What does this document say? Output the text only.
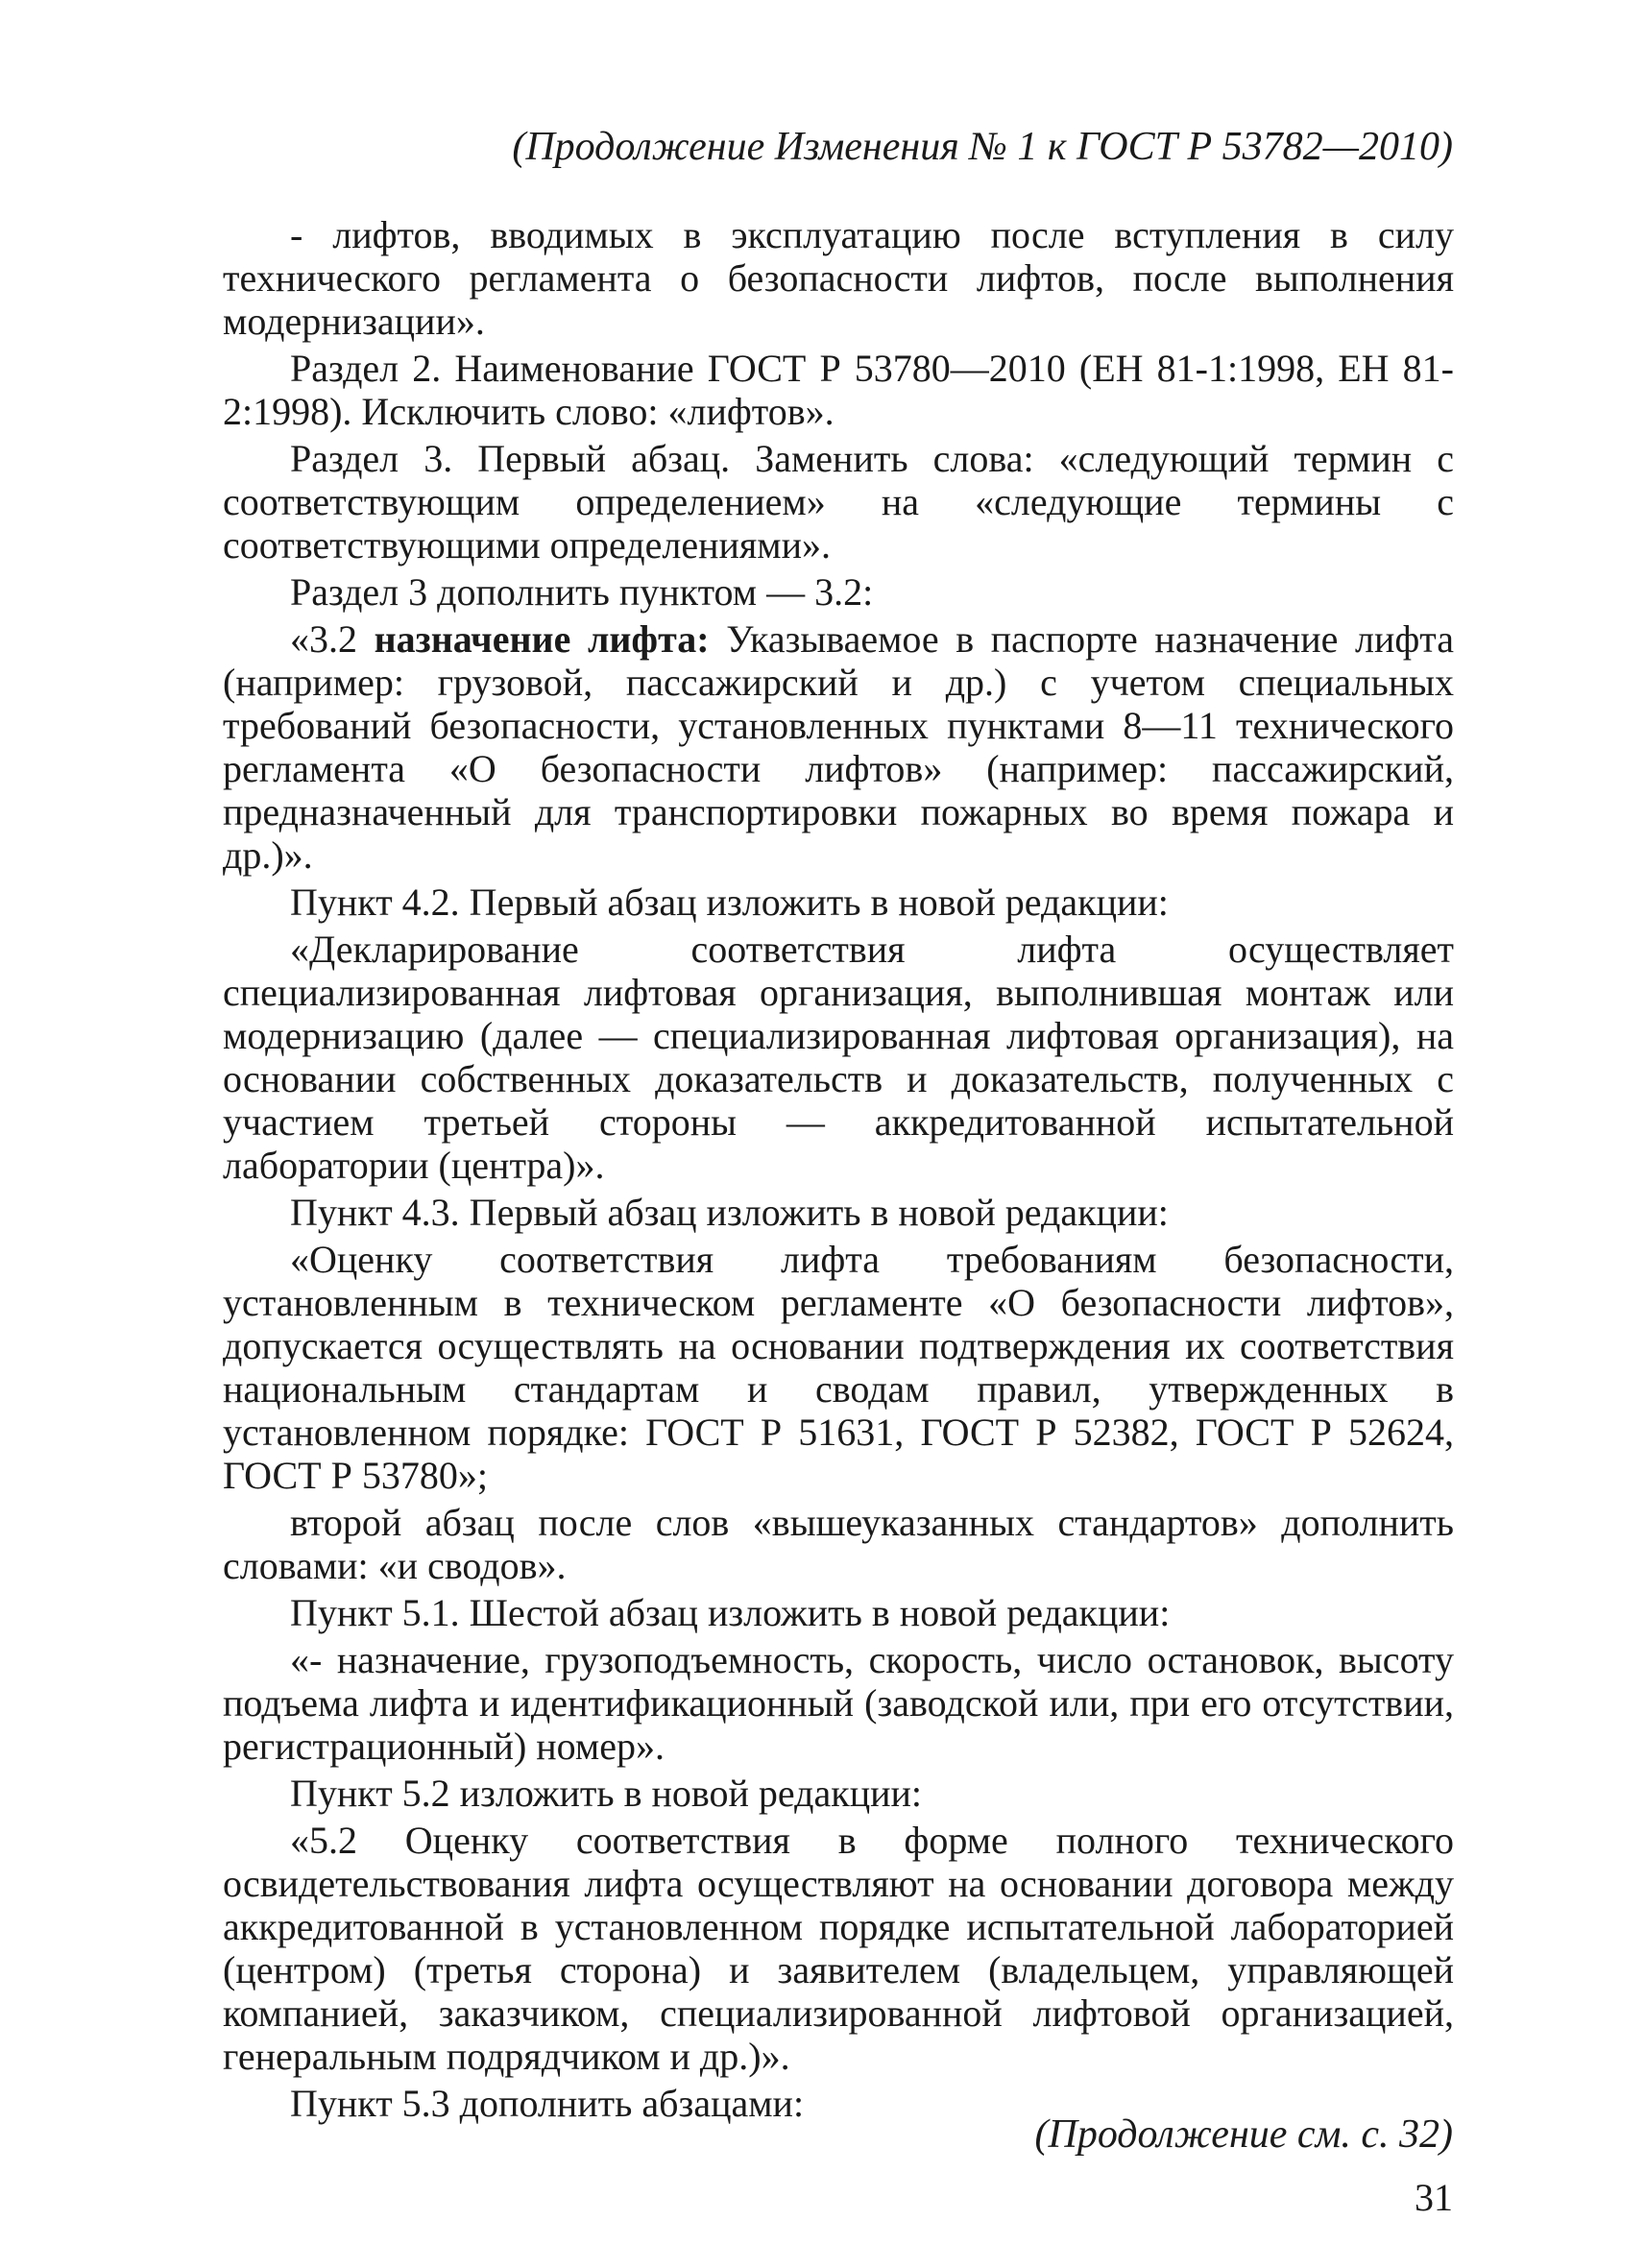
(Продолжение Изменения № 1 к ГОСТ Р 53782—2010)

- лифтов, вводимых в эксплуатацию после вступления в силу технического регламента о безопасности лифтов, после выполнения модернизации».

Раздел 2. Наименование ГОСТ Р 53780—2010 (ЕН 81-1:1998, ЕН 81-2:1998). Исключить слово: «лифтов».

Раздел 3. Первый абзац. Заменить слова: «следующий термин с соответствующим определением» на «следующие термины с соответствующими определениями».

Раздел 3 дополнить пунктом — 3.2:

«3.2 назначение лифта: Указываемое в паспорте назначение лифта (например: грузовой, пассажирский и др.) с учетом специальных требований безопасности, установленных пунктами 8—11 технического регламента «О безопасности лифтов» (например: пассажирский, предназначенный для транспортировки пожарных во время пожара и др.)».

Пункт 4.2. Первый абзац изложить в новой редакции:

«Декларирование соответствия лифта осуществляет специализированная лифтовая организация, выполнившая монтаж или модернизацию (далее — специализированная лифтовая организация), на основании собственных доказательств и доказательств, полученных с участием третьей стороны — аккредитованной испытательной лаборатории (центра)».

Пункт 4.3. Первый абзац изложить в новой редакции:

«Оценку соответствия лифта требованиям безопасности, установленным в техническом регламенте «О безопасности лифтов», допускается осуществлять на основании подтверждения их соответствия национальным стандартам и сводам правил, утвержденных в установленном порядке: ГОСТ Р 51631, ГОСТ Р 52382, ГОСТ Р 52624, ГОСТ Р 53780»;

второй абзац после слов «вышеуказанных стандартов» дополнить словами: «и сводов».

Пункт 5.1. Шестой абзац изложить в новой редакции:

«- назначение, грузоподъемность, скорость, число остановок, высоту подъема лифта и идентификационный (заводской или, при его отсутствии, регистрационный) номер».

Пункт 5.2 изложить в новой редакции:

«5.2 Оценку соответствия в форме полного технического освидетельствования лифта осуществляют на основании договора между аккредитованной в установленном порядке испытательной лабораторией (центром) (третья сторона) и заявителем (владельцем, управляющей компанией, заказчиком, специализированной лифтовой организацией, генеральным подрядчиком и др.)».

Пункт 5.3 дополнить абзацами:

(Продолжение см. с. 32)
31
